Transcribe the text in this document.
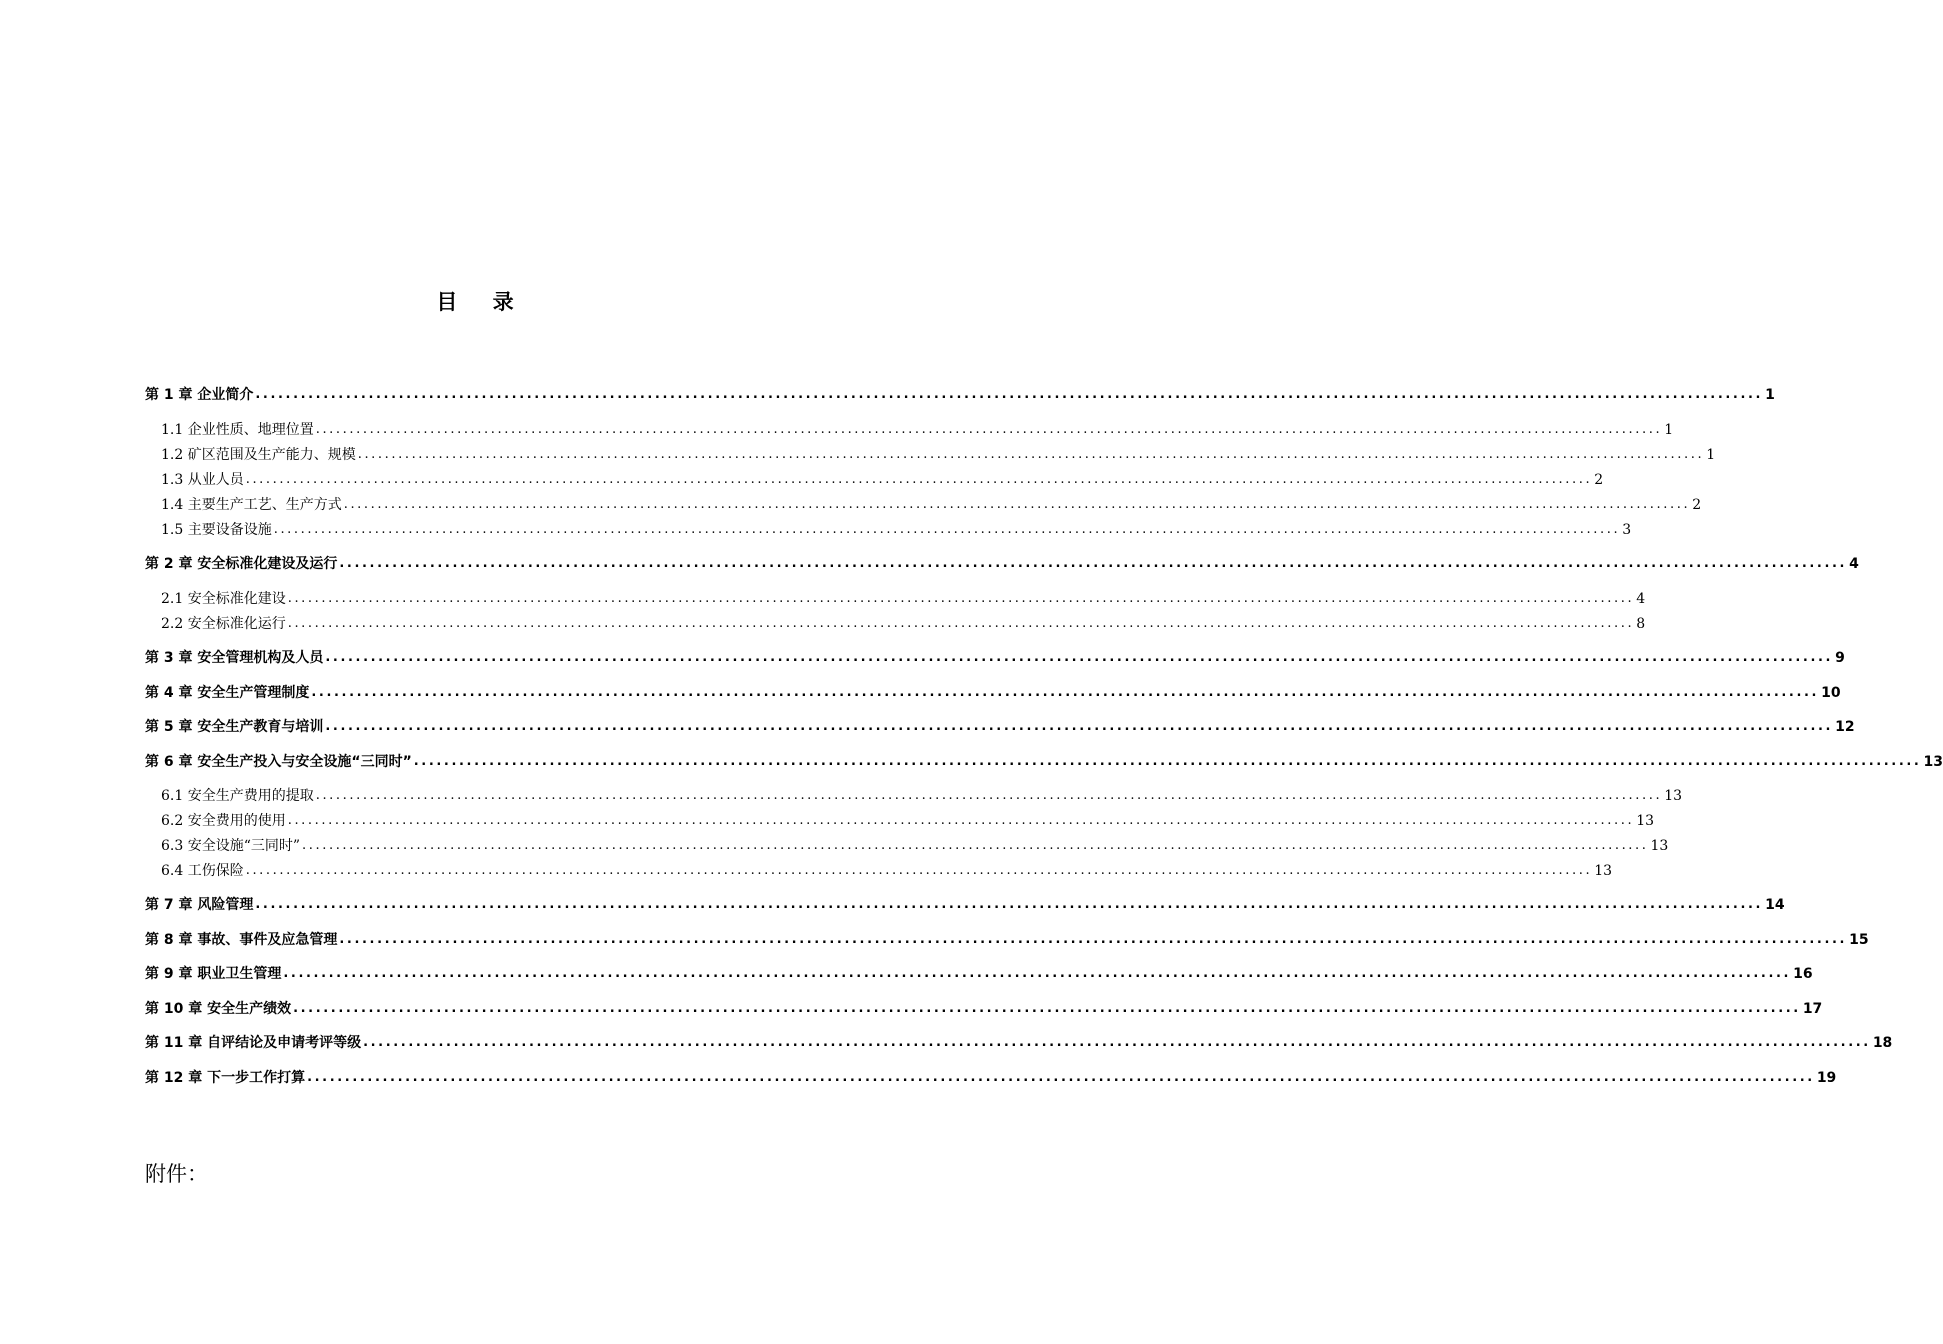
目 录
第 1 章 企业简介 ........................................................................................................................................................................................................ 1
1.1 企业性质、地理位置 ........................................................................................................................................................................................................ 1
1.2 矿区范围及生产能力、规模 ........................................................................................................................................................................................................ 1
1.3 从业人员 ........................................................................................................................................................................................................ 2
1.4 主要生产工艺、生产方式 ........................................................................................................................................................................................................ 2
1.5 主要设备设施 ........................................................................................................................................................................................................ 3
第 2 章 安全标准化建设及运行 ........................................................................................................................................................................................................ 4
2.1 安全标准化建设 ........................................................................................................................................................................................................ 4
2.2 安全标准化运行 ........................................................................................................................................................................................................ 8
第 3 章 安全管理机构及人员 ........................................................................................................................................................................................................ 9
第 4 章 安全生产管理制度 ........................................................................................................................................................................................................ 10
第 5 章 安全生产教育与培训 ........................................................................................................................................................................................................ 12
第 6 章 安全生产投入与安全设施“三同时” ........................................................................................................................................................................................................ 13
6.1 安全生产费用的提取 ........................................................................................................................................................................................................ 13
6.2 安全费用的使用 ........................................................................................................................................................................................................ 13
6.3 安全设施“三同时” ........................................................................................................................................................................................................ 13
6.4 工伤保险 ........................................................................................................................................................................................................ 13
第 7 章 风险管理 ........................................................................................................................................................................................................ 14
第 8 章 事故、事件及应急管理 ........................................................................................................................................................................................................ 15
第 9 章 职业卫生管理 ........................................................................................................................................................................................................ 16
第 10 章 安全生产绩效 ........................................................................................................................................................................................................ 17
第 11 章 自评结论及申请考评等级 ........................................................................................................................................................................................................ 18
第 12 章 下一步工作打算 ........................................................................................................................................................................................................ 19
附件：
